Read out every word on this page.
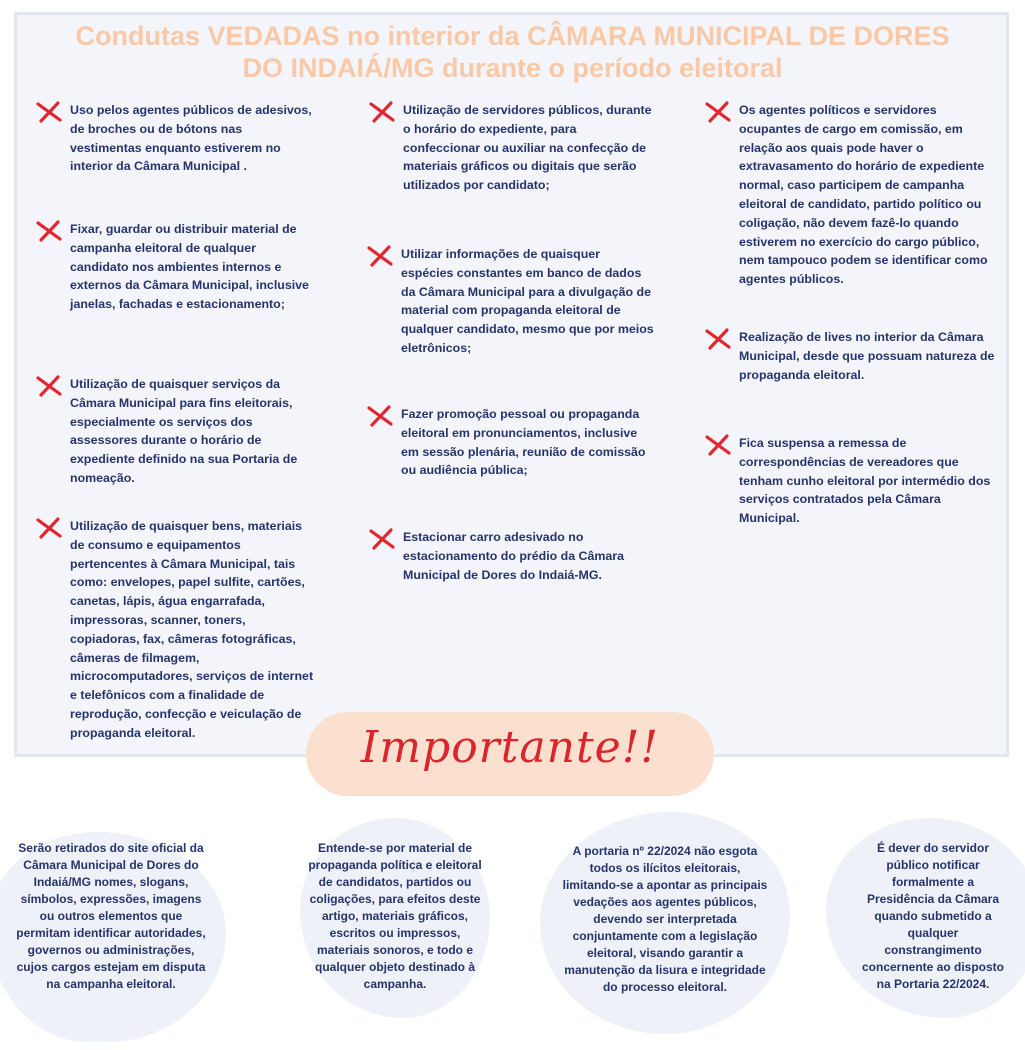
Condutas VEDADAS no interior da CÂMARA MUNICIPAL DE DORES DO INDAIÁ/MG durante o período eleitoral

Uso pelos agentes públicos de adesivos, de broches ou de bótons nas vestimentas enquanto estiverem no interior da Câmara Municipal .

Fixar, guardar ou distribuir material de campanha eleitoral de qualquer candidato nos ambientes internos e externos da Câmara Municipal, inclusive janelas, fachadas e estacionamento;

Utilização de quaisquer serviços da Câmara Municipal para fins eleitorais, especialmente os serviços dos assessores durante o horário de expediente definido na sua Portaria de nomeação.

Utilização de quaisquer bens, materiais de consumo e equipamentos pertencentes à Câmara Municipal, tais como: envelopes, papel sulfite, cartões, canetas, lápis, água engarrafada, impressoras, scanner, toners, copiadoras, fax, câmeras fotográficas, câmeras de filmagem, microcomputadores, serviços de internet e telefônicos com a finalidade de reprodução, confecção e veiculação de propaganda eleitoral.

Utilização de servidores públicos, durante o horário do expediente, para confeccionar ou auxiliar na confecção de materiais gráficos ou digitais que serão utilizados por candidato;

Utilizar informações de quaisquer espécies constantes em banco de dados da Câmara Municipal para a divulgação de material com propaganda eleitoral de qualquer candidato, mesmo que por meios eletrônicos;

Fazer promoção pessoal ou propaganda eleitoral em pronunciamentos, inclusive em sessão plenária, reunião de comissão ou audiência pública;

Estacionar carro adesivado no estacionamento do prédio da Câmara Municipal de Dores do Indaiá-MG.

Os agentes políticos e servidores ocupantes de cargo em comissão, em relação aos quais pode haver o extravasamento do horário de expediente normal, caso participem de campanha eleitoral de candidato, partido político ou coligação, não devem fazê-lo quando estiverem no exercício do cargo público, nem tampouco podem se identificar como agentes públicos.

Realização de lives no interior da Câmara Municipal, desde que possuam natureza de propaganda eleitoral.

Fica suspensa a remessa de correspondências de vereadores que tenham cunho eleitoral por intermédio dos serviços contratados pela Câmara Municipal.

Importante!!

Serão retirados do site oficial da Câmara Municipal de Dores do Indaiá/MG nomes, slogans, símbolos, expressões, imagens ou outros elementos que permitam identificar autoridades, governos ou administrações, cujos cargos estejam em disputa na campanha eleitoral.

Entende-se por material de propaganda política e eleitoral de candidatos, partidos ou coligações, para efeitos deste artigo, materiais gráficos, escritos ou impressos, materiais sonoros, e todo e qualquer objeto destinado à campanha.

A portaria nº 22/2024 não esgota todos os ilícitos eleitorais, limitando-se a apontar as principais vedações aos agentes públicos, devendo ser interpretada conjuntamente com a legislação eleitoral, visando garantir a manutenção da lisura e integridade do processo eleitoral.

É dever do servidor público notificar formalmente a Presidência da Câmara quando submetido a qualquer constrangimento concernente ao disposto na Portaria 22/2024.
